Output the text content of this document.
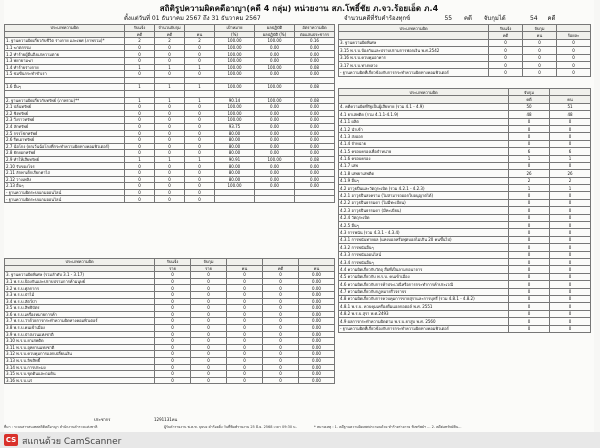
สถิติรูปความผิดคดีอาญา(คดี 4 กลุ่ม) หน่วยงาน สภ.โพธิ์ชัย ภ.จว.ร้อยเอ็ด ภ.4
ตั้งแต่วันที่ 01 ธันวาคม 2567 ถึง 31 ธันวาคม 2567	จำนวนคดีที่รับคำร้องทุกข์	55 คดี จับกุมได้	54 คดี
ประเภทความผิด	รับแจ้ง	จำนวนจับกุม		เป้าหมาย	ผลปฏิบัติ	อัตราความผิด
	คดี	คดี	คน	(%)	ผลปฏิบัติ (%)	ต่อแสนประชากร
1. ฐานความผิดเกี่ยวกับชีวิต ร่างกาย และเพศ (ภาพรวม)*	2	2	2	100.00	100.00	0.16
1.1 ฆาตกรรม	0	0	0	100.00	0.00	0.00
1.2 ทำร้ายผู้อื่นถึงแก่ความตาย	0	0	0	100.00	0.00	0.00
1.3 พยายามฆ่า	0	0	0	100.00	0.00	0.00
1.4 ทำร้ายร่างกาย	1	1	1	100.00	100.00	0.08
1.5 ข่มขืนกระทำชำเรา	0	0	0	100.00	0.00	0.00

1.6 อื่นๆ	1	1	1	100.00	100.00	0.08

2. ฐานความผิดเกี่ยวกับทรัพย์ (ภาพรวม)**	1	1	1	90.14	100.00	0.08
2.1 ปล้นทรัพย์	0	0	0	100.00	0.00	0.00
2.2 ชิงทรัพย์	0	0	0	100.00	0.00	0.00
2.3 วิ่งราวทรัพย์	0	0	0	100.00	0.00	0.00
2.4 ลักทรัพย์	0	0	0	93.75	0.00	0.00
2.5 กรรโชกทรัพย์	0	0	0	80.00	0.00	0.00
2.6 รีดเอาทรัพย์	0	0	0	80.00	0.00	0.00
2.7 ฉ้อโกง (ยกเว้นฉ้อโกงที่กระทำความผิดทางคอมพิวเตอร์)	0	0	0	80.00	0.00	0.00
2.8 ยักยอกทรัพย์	0	0	0	80.00	0.00	0.00
2.9 ทำให้เสียทรัพย์	1	1	1	90.91	100.00	0.08
2.10 รับของโจร	0	0	0	80.00	0.00	0.00
2.11 ลักพาเด็กเรียกค่าไถ่	0	0	0	80.00	0.00	0.00
2.12 วางเพลิง	0	0	0	80.00	0.00	0.00
2.13 อื่นๆ	0	0	0	100.00	0.00	0.00
- ฐานความผิดระบบเกมออนไลน์	0	0	0			
- ฐานความผิดระบบเกมออนไลน์	0	0	0			
ประเภทความผิด	รับแจ้ง	จับกุม			
	ราย	ราย	คน	คดี	คน
3. ฐานความผิดพิเศษ (รวมลำดับ 3.1 - 3.17)	0	0	0	0	0.00
3.1 พ.ร.บ.ป้องกันและปราบปรามการค้ามนุษย์	0	0	0	0	0.00
3.2 พ.ร.บ.ศุลกากร	0	0	0	0	0.00
3.3 พ.ร.บ.ป่าไม้	0	0	0	0	0.00
3.4 พ.ร.บ.สัตว์ป่า	0	0	0	0	0.00
3.5 พ.ร.บ.สิทธิบัตร	0	0	0	0	0.00
3.6 พ.ร.บ.เครื่องหมายการค้า	0	0	0	0	0.00
3.7 พ.ร.บ.ว่าด้วยการกระทำความผิดทางคอมพิวเตอร์	0	0	0	0	0.00
3.8 พ.ร.บ.คนเข้าเมือง	0	0	0	0	0.00
3.9 พ.ร.บ.ป่าสงวนแห่งชาติ	0	0	0	0	0.00
3.10 พ.ร.บ.ยาเสพติด	0	0	0	0	0.00
3.11 พ.ร.บ.อุทยานแห่งชาติ	0	0	0	0	0.00
3.12 พ.ร.บ.ควบคุมการแลกเปลี่ยนเงิน	0	0	0	0	0.00
3.13 พ.ร.บ.ลิขสิทธิ์	0	0	0	0	0.00
3.14 พ.ร.บ.การประมง	0	0	0	0	0.00
3.15 พ.ร.บ.ขุดดินและถมดิน	0	0	0	0	0.00
3.16 พ.ร.บ.แร่	0	0	0	0	0.00
ประเภทความผิด	รับแจ้ง	จับกุม	
	คดี	คน	ร้อยละ
3. ฐานความผิดพิเศษ	0	0	0
3.15 พ.ร.บ.ป้องกันและปราบปรามการฟอกเงิน พ.ศ.2542	0	0	0
3.16 พ.ร.บ.ควบคุมอาคาร	0	0	0
3.17 พ.ร.บ.ทางหลวง	0	0	0
- ฐานความผิดที่เกี่ยวข้องกับการกระทำความผิดทางคอมพิวเตอร์	0	0	0
ประเภทความผิด	จับกุม	
	คดี	คน
4. คดีความผิดที่รัฐเป็นผู้เสียหาย (รวม 4.1 - 4.9)	50	51
4.1 ยาเสพติด (รวม 4.1.1-4.1.9)	48	48
4.1.1 ผลิต	0	0
4.1.2 นำเข้า	0	0
4.1.3 ส่งออก	0	0
4.1.4 จำหน่าย	0	0
4.1.5 ครอบครองเพื่อจำหน่าย	6	6
4.1.6 ครอบครอง	1	1
4.1.7 เสพ	0	0
4.1.8 เสพยาเสพติด	26	26
4.1.9 อื่นๆ	2	2
4.2 อาวุธปืนและวัตถุระเบิด (รวม 4.2.1 - 4.2.3)	1	1
4.2.1 อาวุธปืนสงคราม (ไม่สามารถออกใบอนุญาตได้)	0	0
4.2.2 อาวุธปืนธรรมดา (ไม่มีทะเบียน)	0	0
4.2.3 อาวุธปืนธรรมดา (มีทะเบียน)	0	0
4.2.4 วัตถุระเบิด	0	0
4.2.5 อื่นๆ	0	0
4.3 การพนัน (รวม 4.3.1 - 4.3.4)	0	0
4.3.1 การพนันทายผล (แทงบอลหรือฟุตบอลไม่เกิน 20 คนขึ้นไป)	0	0
4.3.2 การพนันอื่นๆ	0	0
4.3.3 การพนันออนไลน์	0	0
4.3.4 การพนันอื่นๆ	0	0
4.4 ความผิดเกี่ยวกับวัตถุ สื่อที่เป็นลามกอนาจาร	0	0
4.5 ความผิดเกี่ยวกับ พ.ร.บ. คนเข้าเมือง	0	0
4.6 ความผิดเกี่ยวกับการค้าประเวณีหรือการกระทำการค้าประเวณี	0	0
4.7 ความผิดเกี่ยวกับกฎหมายรีวจราจร	0	0
4.8 ความผิดเกี่ยวกับการควบคุมการขายสุราและการบุหรี่ (รวม 4.8.1 - 4.8.2)	0	0
4.8.1 พ.ร.บ. ควบคุมเครื่องดื่มแอลกอฮอล์ พ.ศ. 2551	0	0
4.8.2 พ.ร.บ.สุรา พ.ศ.2493	0	0
4.9 ผลการกระทำความผิดตาม พ.ร.บ.ยาสูบ พ.ศ. 2560	0	0
- ฐานความผิดที่เกี่ยวข้องกับการกระทำความผิดทางคอมพิวเตอร์	0	0
ประชากร	1291131คน
ที่มา : ระบบสารสนเทศสถิติคดีอาญา สำนักงานตำรวจแห่งชาติ	ผู้รับคำรายงาน พ.ต.ท. บุษบง คำร้อยยิ่ง วันที่พิมพ์รายงาน 25 มิ.ย. 2568 เวลา 09:30 น.	* หมายเหตุ : 1. คดีฐานความผิดเพศประกอบด้วย ทำร้ายร่างกาย ชิงทรัพย์ฯ ... 2. คดีต่อทรัพย์สิน...
CS สแกนด้วย CamScanner
